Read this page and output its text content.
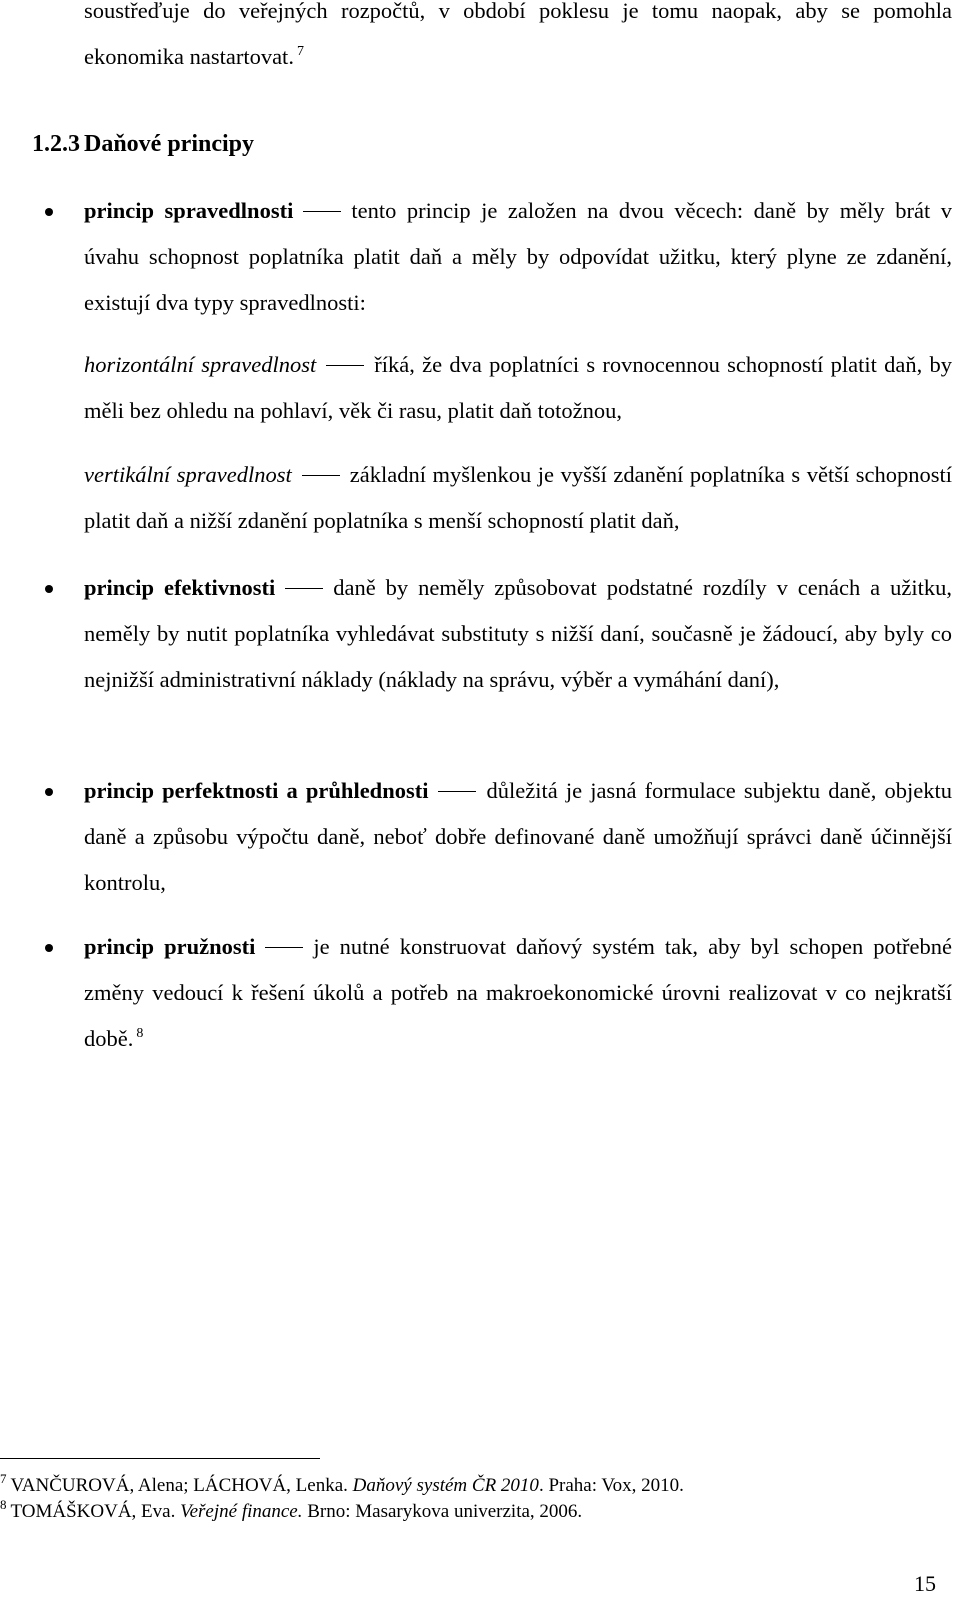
soustřeďuje do veřejných rozpočtů, v období poklesu je tomu naopak, aby se pomohla ekonomika nastartovat. $^7$

1.2.3 Daňové principy

princip spravedlnosti	tento princip je založen na dvou věcech: daně by měly brát v úvahu schopnost poplatníka platit daň a měly by odpovídat užitku, který plyne ze zdanění, existují dva typy spravedlnosti:

horizontální spravedlnost	říká, že dva poplatníci s rovnocennou schopností platit daň, by měli bez ohledu na pohlaví, věk či rasu, platit daň totožnou,

vertikální spravedlnost	základní myšlenkou je vyšší zdanění poplatníka s větší schopností platit daň a nižší zdanění poplatníka s menší schopností platit daň,

princip efektivnosti	daně by neměly způsobovat podstatné rozdíly v cenách a užitku, neměly by nutit poplatníka vyhledávat substituty s nižší daní, současně je žádoucí, aby byly co nejnižší administrativní náklady (náklady na správu, výběr a vymáhání daní),

princip perfektnosti a průhlednosti	důležitá je jasná formulace subjektu daně, objektu daně a způsobu výpočtu daně, neboť dobře definované daně umožňují správci daně účinnější kontrolu,

princip pružnosti	je nutné konstruovat daňový systém tak, aby byl schopen potřebné změny vedoucí k řešení úkolů a potřeb na makroekonomické úrovni realizovat v co nejkratší době. $^8$

$^7$ VANČUROVÁ, Alena; LÁCHOVÁ, Lenka. Daňový systém ČR 2010. Praha: Vox, 2010.
$^8$ TOMÁŠKOVÁ, Eva. Veřejné finance. Brno: Masarykova univerzita, 2006.
15
